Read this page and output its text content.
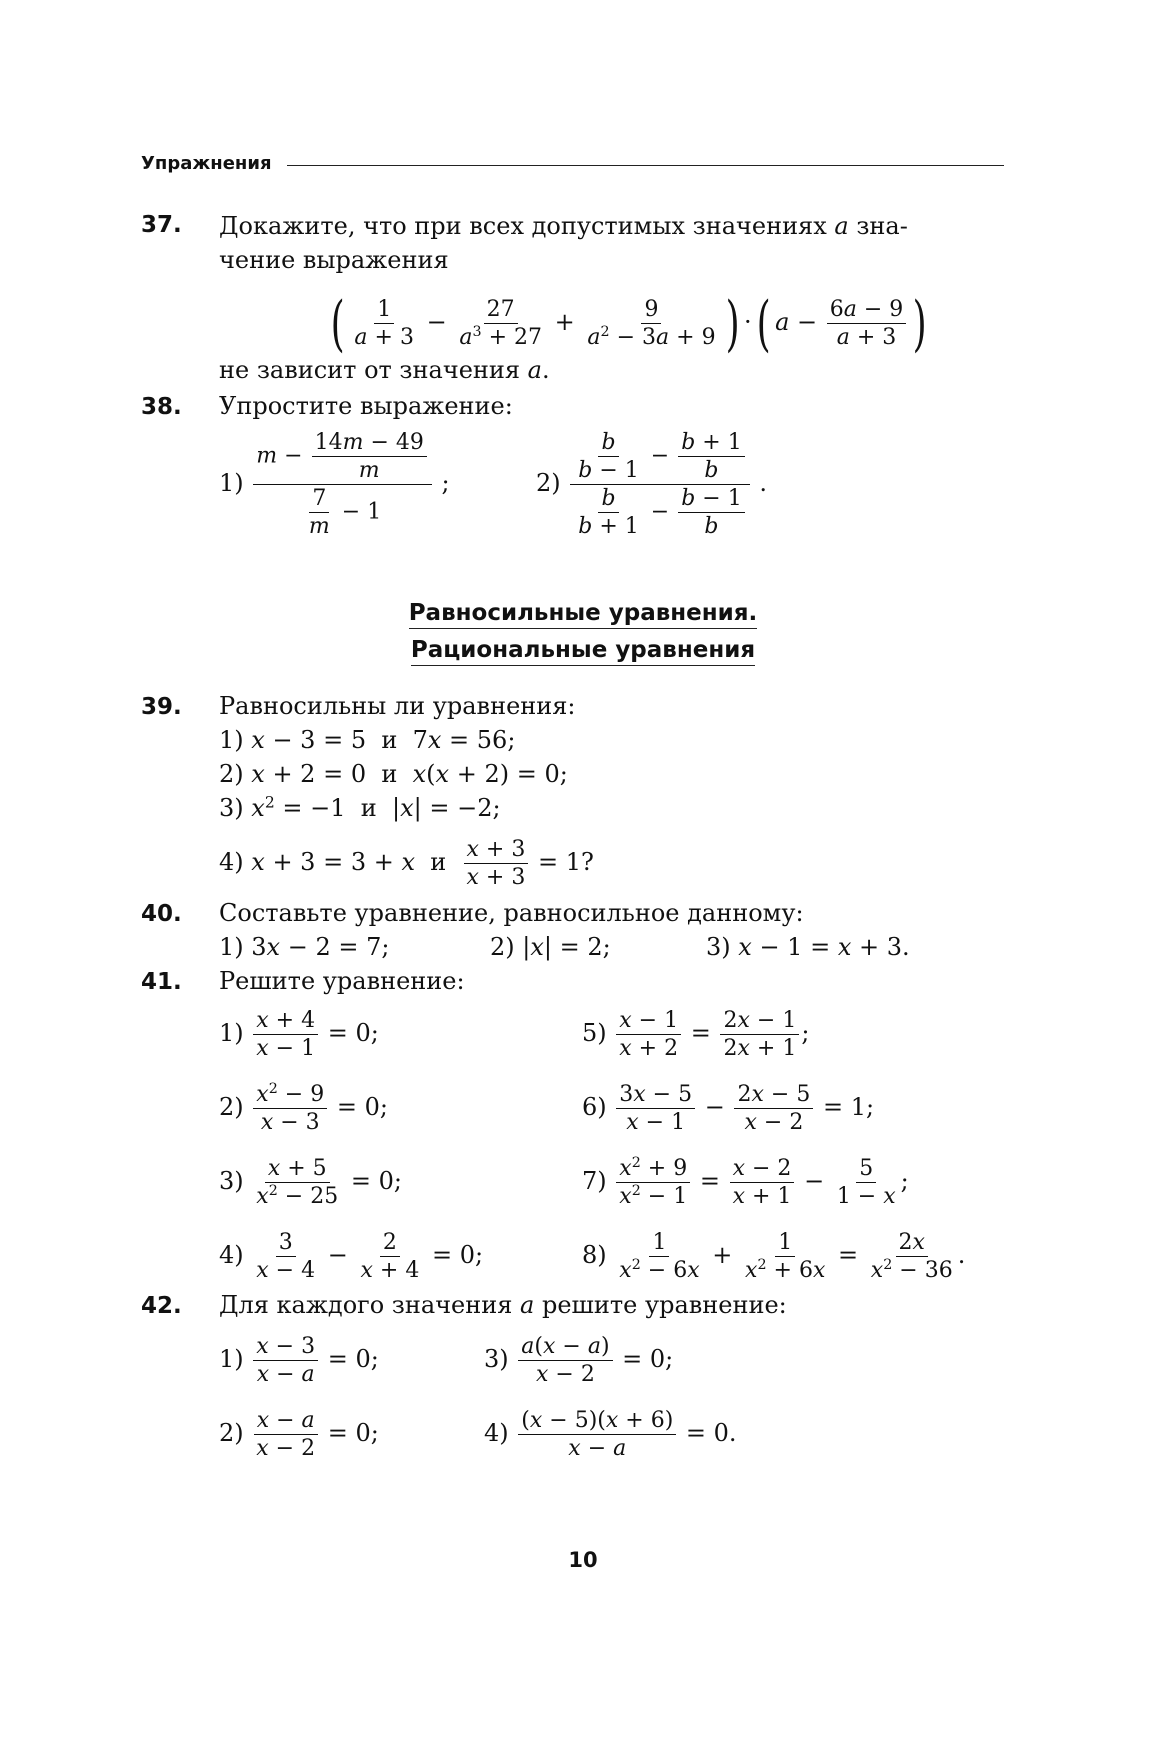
Упражнения
37. Докажите, что при всех допустимых значениях a зна-
чение выражения
( $\frac{1}{a + 3} - \frac{27}{a^3 + 27} + \frac{9}{a^2 - 3a + 9}$ ) ·( $a - \frac{6a - 9}{a + 3}$ )
не зависит от значения a.
38. Упростите выражение:
$1) \frac{m - \frac{14m - 49}{m}}{\frac{7}{m} - 1}$ ;	$2) \frac{\frac{b}{b - 1} - \frac{b + 1}{b}}{\frac{b}{b + 1} - \frac{b - 1}{b}}$ .
Равносильные уравнения.
Рациональные уравнения
39. Равносильны ли уравнения:
1) x − 3 = 5  и  7x = 56;
2) x + 2 = 0  и  x(x + 2) = 0;
3) $x^2 = -1$  и  |x| = −2;
4) x + 3 = 3 + x  и $\frac{x + 3}{x + 3} = 1$?
40. Составьте уравнение, равносильное данному:
1) 3x − 2 = 7;	2) |x| = 2;	3) x − 1 = x + 3.
41. Решите уравнение:
$1) \frac{x + 4}{x - 1} = 0$;
$2) \frac{x^2 - 9}{x - 3} = 0$;
$3) \frac{x + 5}{x^2 - 25} = 0$;
$4) \frac{3}{x - 4} - \frac{2}{x + 4} = 0$;
$5) \frac{x - 1}{x + 2} = \frac{2x - 1}{2x + 1}$ ;
$6) \frac{3x - 5}{x - 1} - \frac{2x - 5}{x - 2} = 1$;
$7) \frac{x^2 + 9}{x^2 - 1} = \frac{x - 2}{x + 1} - \frac{5}{1 - x}$ ;
$8) \frac{1}{x^2 - 6x} + \frac{1}{x^2 + 6x} = \frac{2x}{x^2 - 36}$ .
42. Для каждого значения a решите уравнение:
$1) \frac{x - 3}{x - a} = 0$;
$2) \frac{x - a}{x - 2} = 0$;
$3) \frac{a(x - a)}{x - 2} = 0$;
$4) \frac{(x - 5)(x + 6)}{x - a} = 0$.
10
